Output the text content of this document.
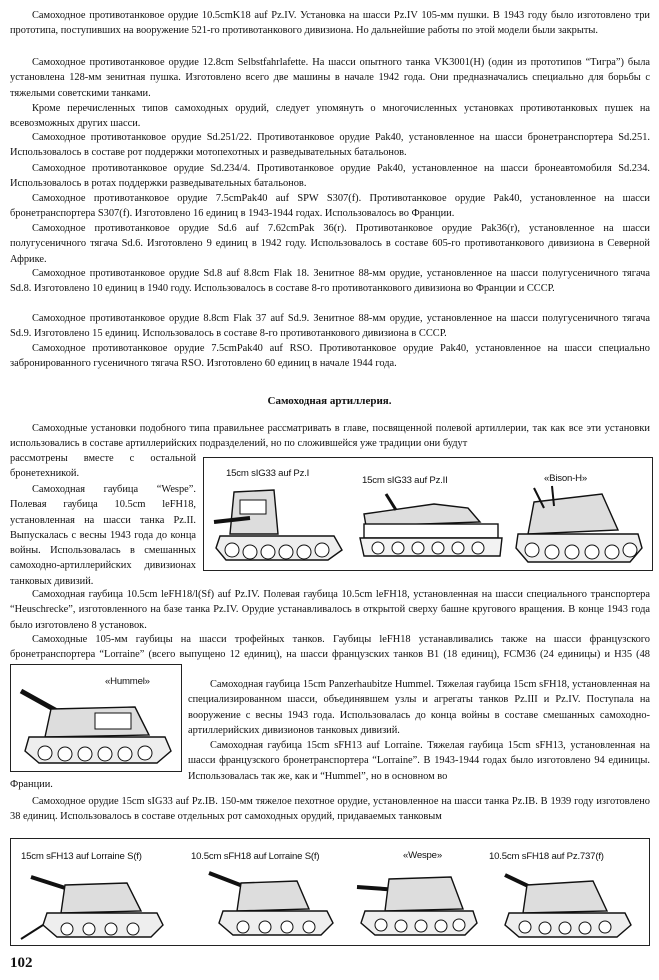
Самоходное противотанковое орудие 10.5cmK18 auf Pz.IV. Установка на шасси Pz.IV 105-мм пушки. В 1943 году было изготовлено три прототипа, поступивших на вооружение 521-го противотанкового дивизиона. Но дальнейшие работы по этой модели были закрыты.

Самоходное противотанковое орудие 12.8cm Selbstfahrlafette. На шасси опытного танка VK3001(H) (один из прототипов “Тигра”) была установлена 128-мм зенитная пушка. Изготовлено всего две машины в начале 1942 года. Они предназначались специально для борьбы с тяжелыми советскими танками.

Кроме перечисленных типов самоходных орудий, следует упомянуть о многочисленных установках противотанковых пушек на всевозможных других шасси.

Самоходное противотанковое орудие Sd.251/22. Противотанковое орудие Pak40, установленное на шасси бронетранспортера Sd.251. Использовалось в составе рот поддержки мотопехотных и разведывательных батальонов.

Самоходное противотанковое орудие Sd.234/4. Противотанковое орудие Pak40, установленное на шасси бронеавтомобиля Sd.234. Использовалось в ротах поддержки разведывательных батальонов.

Самоходное противотанковое орудие 7.5cmPak40 auf SPW S307(f). Противотанковое орудие Pak40, установленное на шасси бронетранспортера S307(f). Изготовлено 16 единиц в 1943-1944 годах. Использовалось во Франции.

Самоходное противотанковое орудие Sd.6 auf 7.62cmPak 36(r). Противотанковое орудие Pak36(r), установленное на шасси полугусеничного тягача Sd.6. Изготовлено 9 единиц в 1942 году. Использовалось в составе 605-го противотанкового дивизиона в Северной Африке.

Самоходное противотанковое орудие Sd.8 auf 8.8cm Flak 18. Зенитное 88-мм орудие, установленное на шасси полугусеничного тягача Sd.8. Изготовлено 10 единиц в 1940 году. Использовалось в составе 8-го противотанкового дивизиона во Франции и СССР.

Самоходное противотанковое орудие 8.8cm Flak 37 auf Sd.9. Зенитное 88-мм орудие, установленное на шасси полугусеничного тягача Sd.9. Изготовлено 15 единиц. Использовалось в составе 8-го противотанкового дивизиона в СССР.

Самоходное противотанковое орудие 7.5cmPak40 auf RSO. Противотанковое орудие Pak40, установленное на шасси специально забронированного гусеничного тягача RSO. Изготовлено 60 единиц в начале 1944 года.

Самоходная артиллерия.

Самоходные установки подобного типа правильнее рассматривать в главе, посвященной полевой артиллерии, так как все эти установки использовались в составе артиллерийских подразделений, но по сложившейся уже традиции они будут

рассмотрены вместе с остальной бронетехникой.

Самоходная гаубица “Wespe”. Полевая гаубица 10.5cm leFH18, установленная на шасси танка Pz.II. Выпускалась с весны 1943 года до конца войны. Использовалась в смешанных самоходно-артиллерийских дивизионах танковых дивизий.

15cm sIG33 auf Pz.I
15cm sIG33 auf Pz.II	«Bison-H»

Самоходная гаубица 10.5cm leFH18/l(Sf) auf Pz.IV. Полевая гаубица 10.5cm leFH18, установленная на шасси специального транспортера “Heuschrecke”, изготовленного на базе танка Pz.IV. Орудие устанавливалось в открытой сверху башне кругового вращения. В конце 1943 года было изготовлено 8 установок.

Самоходные 105-мм гаубицы на шасси трофейных танков. Гаубицы leFH18 устанавливались также на шасси французского бронетранспортера “Lorraine” (всего выпущено 12 единиц), на шасси французских танков B1 (18 единиц), FCM36 (24 единицы) и H35 (48

«Hummel»	Самоходная гаубица 15cm Panzerhaubitze Hummel. Тяжелая гаубица 15cm sFH18, установленная на специализированном шасси, объединявшем узлы и агрегаты танков Pz.III и Pz.IV. Поступала на вооружение с весны 1943 года. Использовалась до конца войны в составе смешанных самоходно-артиллерийских дивизионов танковых дивизий.

Самоходная гаубица 15cm sFH13 auf Lorraine. Тяжелая гаубица 15cm sFH13, установленная на шасси французского бронетранспортера “Lorraine”. В 1943-1944 годах было изготовлено 94 единицы. Использовалась так же, как и “Hummel”, но в основном во

Франции.

Самоходное орудие 15cm sIG33 auf Pz.IB. 150-мм тяжелое пехотное орудие, установленное на шасси танка Pz.IB. В 1939 году изготовлено 38 единиц. Использовалось в составе отдельных рот самоходных орудий, придаваемых танковым

15cm sFH13 auf Lorraine S(f)	10.5cm sFH18 auf Lorraine S(f)	«Wespe»	10.5cm sFH18 auf Pz.737(f)

102
